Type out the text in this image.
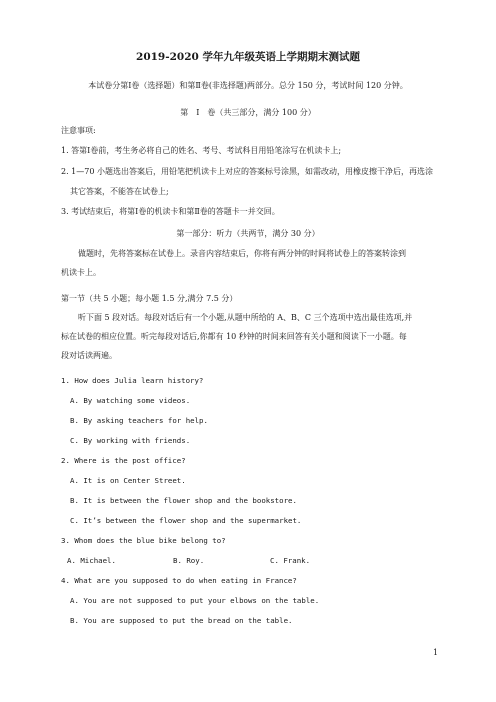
2019-2020 学年九年级英语上学期期末测试题
本试卷分第Ⅰ卷（选择题）和第Ⅱ卷(非选择题)两部分。总分 150 分，考试时间 120 分钟。
第　Ⅰ　卷（共三部分，满分 100 分）
注意事项:
1. 答第Ⅰ卷前，考生务必将自己的姓名、考号、考试科目用铅笔涂写在机读卡上;
2. 1—70 小题选出答案后，用铅笔把机读卡上对应的答案标号涂黑，如需改动，用橡皮擦干净后，再选涂
其它答案，不能答在试卷上;
3. 考试结束后，将第Ⅰ卷的机读卡和第Ⅱ卷的答题卡一并交回。
第一部分：听力（共两节，满分 30 分）
做题时，先将答案标在试卷上。录音内容结束后，你将有两分钟的时间将试卷上的答案转涂到
机读卡上。
第一节（共 5 小题；每小题 1.5 分,满分 7.5 分）
听下面 5 段对话。每段对话后有一个小题,从题中所给的 A、B、C 三个选项中选出最佳选项,并
标在试卷的相应位置。听完每段对话后,你都有 10 秒钟的时间来回答有关小题和阅读下一小题。每
段对话读两遍。
1. How does Julia learn history?
A. By watching some videos.
B. By asking teachers for help.
C. By working with friends.
2. Where is the post office?
A. It is on Center Street.
B. It is between the flower shop and the bookstore.
C. It’s between the flower shop and the supermarket.
3. Whom does the blue bike belong to?
A. Michael.	B. Roy.	C. Frank.
4. What are you supposed to do when eating in France?
A. You are not supposed to put your elbows on the table.
B. You are supposed to put the bread on the table.
1
